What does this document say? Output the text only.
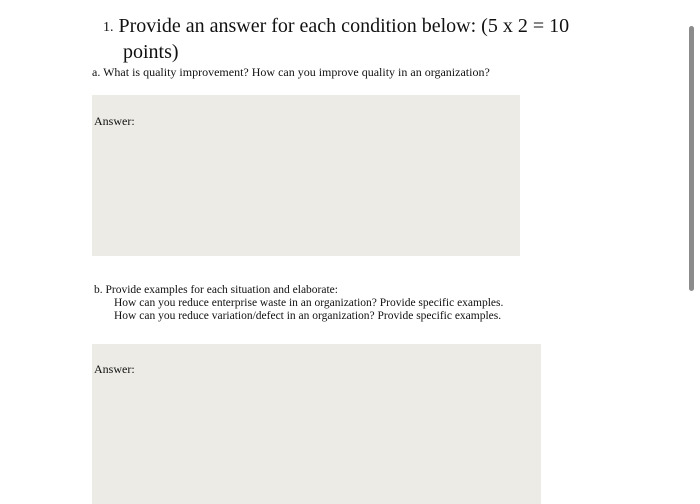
1. Provide an answer for each condition below: (5 x 2 = 10
points)
a. What is quality improvement? How can you improve quality in an organization?
Answer:
b. Provide examples for each situation and elaborate:
How can you reduce enterprise waste in an organization? Provide specific examples.
How can you reduce variation/defect in an organization? Provide specific examples.
Answer:
